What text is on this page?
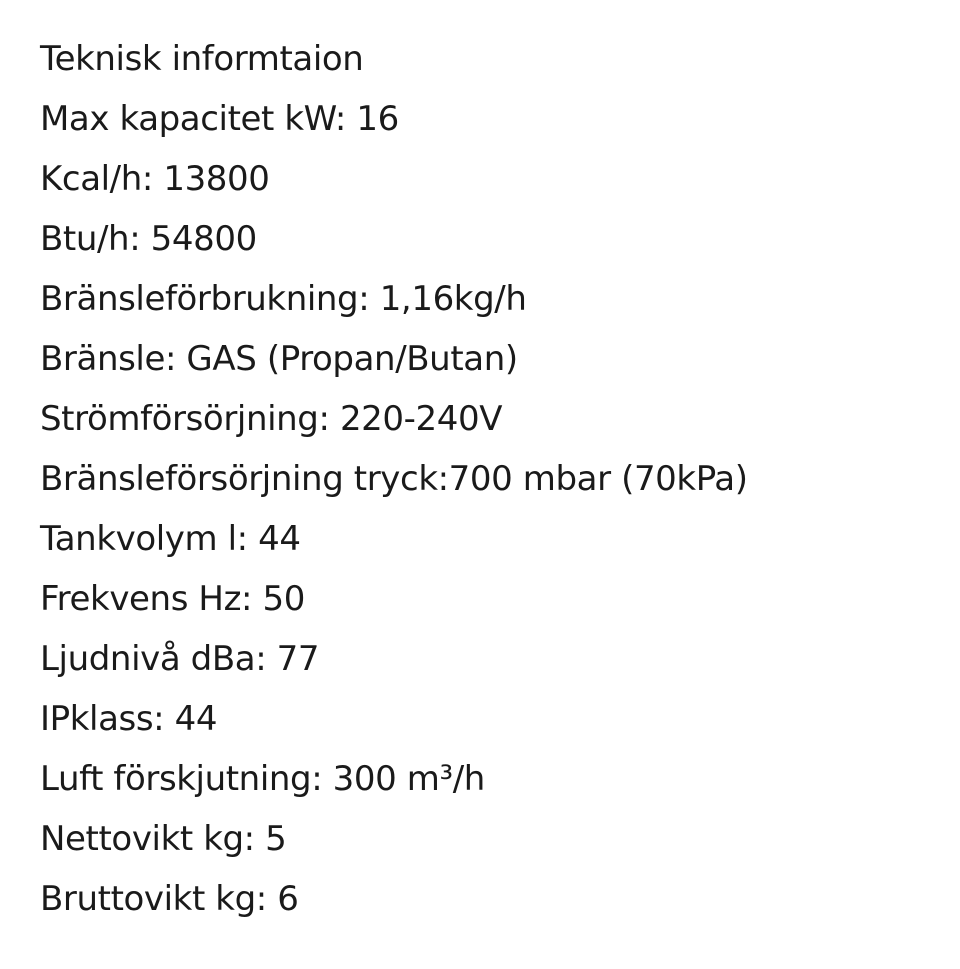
Teknisk informtaion
Max kapacitet kW: 16
Kcal/h: 13800
Btu/h: 54800
Bränsleförbrukning: 1,16kg/h
Bränsle: GAS (Propan/Butan)
Strömförsörjning: 220-240V
Bränsleförsörjning tryck:700 mbar (70kPa)
Tankvolym l: 44
Frekvens Hz: 50
Ljudnivå dBa: 77
IPklass: 44
Luft förskjutning: 300 m³/h
Nettovikt kg: 5
Bruttovikt kg: 6
